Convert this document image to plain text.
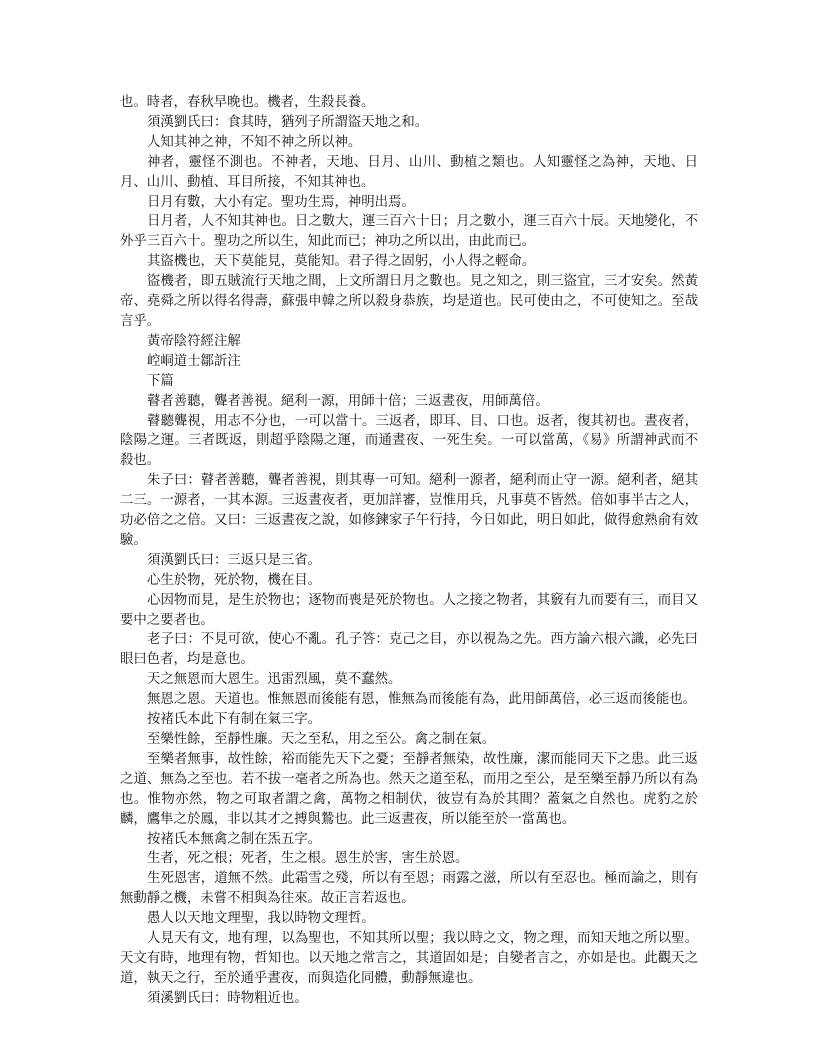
也。時者，春秋早晚也。機者，生殺長養。

須漢劉氏曰：食其時，猶列子所謂盜天地之和。

人知其神之神，不知不神之所以神。

神者，靈怪不測也。不神者，天地、日月、山川、動植之類也。人知靈怪之為神，天地、日月、山川、動植、耳目所接，不知其神也。

日月有數，大小有定。聖功生焉，神明出焉。

日月者，人不知其神也。日之數大，運三百六十日；月之數小，運三百六十辰。天地變化，不外乎三百六十。聖功之所以生，知此而已；神功之所以出，由此而已。

其盜機也，天下莫能見，莫能知。君子得之固躬，小人得之輕命。

盜機者，即五賊流行天地之間，上文所謂日月之數也。見之知之，則三盜宜，三才安矣。然黃帝、堯舜之所以得名得壽，蘇張申韓之所以殺身恭族，均是道也。民可使由之，不可使知之。至哉言乎。

黃帝陰符經注解

崆峒道士鄒訢注

下篇

瞽者善聽，聾者善視。絕利一源，用師十倍；三返晝夜，用師萬倍。

瞽聽聾視，用志不分也，一可以當十。三返者，即耳、目、口也。返者，復其初也。晝夜者，陰陽之運。三者既返，則超乎陰陽之運，而通晝夜、一死生矣。一可以當萬，《易》所謂神武而不殺也。

朱子曰：瞽者善聽，聾者善視，則其專一可知。絕利一源者，絕利而止守一源。絕利者，絕其二三。一源者，一其本源。三返晝夜者，更加詳審，豈惟用兵，凡事莫不皆然。倍如事半古之人，功必倍之之倍。又曰：三返晝夜之說，如修鍊家子午行持，今日如此，明日如此，做得愈熟俞有效驗。

須漢劉氏曰：三返只是三省。

心生於物，死於物，機在目。

心因物而見，是生於物也；逐物而喪是死於物也。人之接之物者，其竅有九而要有三，而目又要中之要者也。

老子曰：不見可欲，使心不亂。孔子答：克己之目，亦以視為之先。西方論六根六識，必先曰眼曰色者，均是意也。

天之無恩而大恩生。迅雷烈風，莫不蠢然。

無恩之恩。天道也。惟無恩而後能有恩，惟無為而後能有為，此用師萬倍，必三返而後能也。

按褚氏本此下有制在氣三字。

至樂性餘，至靜性廉。天之至私，用之至公。禽之制在氣。

至樂者無事，故性餘，裕而能先天下之憂；至靜者無染，故性廉，潔而能同天下之患。此三返之道、無為之至也。若不拔一毫者之所為也。然天之道至私，而用之至公，是至樂至靜乃所以有為也。惟物亦然，物之可取者謂之禽，萬物之相制伏，彼豈有為於其間？蓋氣之自然也。虎豹之於麟，鷹隼之於鳳，非以其才之搏與鷙也。此三返晝夜，所以能至於一當萬也。

按褚氏本無禽之制在炁五字。

生者，死之根；死者，生之根。恩生於害，害生於恩。

生死恩害，道無不然。此霜雪之殘，所以有至恩；雨露之滋，所以有至忍也。極而論之，則有無動靜之機，未嘗不相與為往來。故正言若返也。

愚人以天地文理聖，我以時物文理哲。

人見天有文，地有理，以為聖也，不知其所以聖；我以時之文，物之理，而知天地之所以聖。天文有時，地理有物，哲知也。以天地之常言之，其道固如是；自變者言之，亦如是也。此觀天之道，執天之行，至於通乎晝夜，而與造化同體，動靜無違也。

須溪劉氏曰：時物粗近也。
